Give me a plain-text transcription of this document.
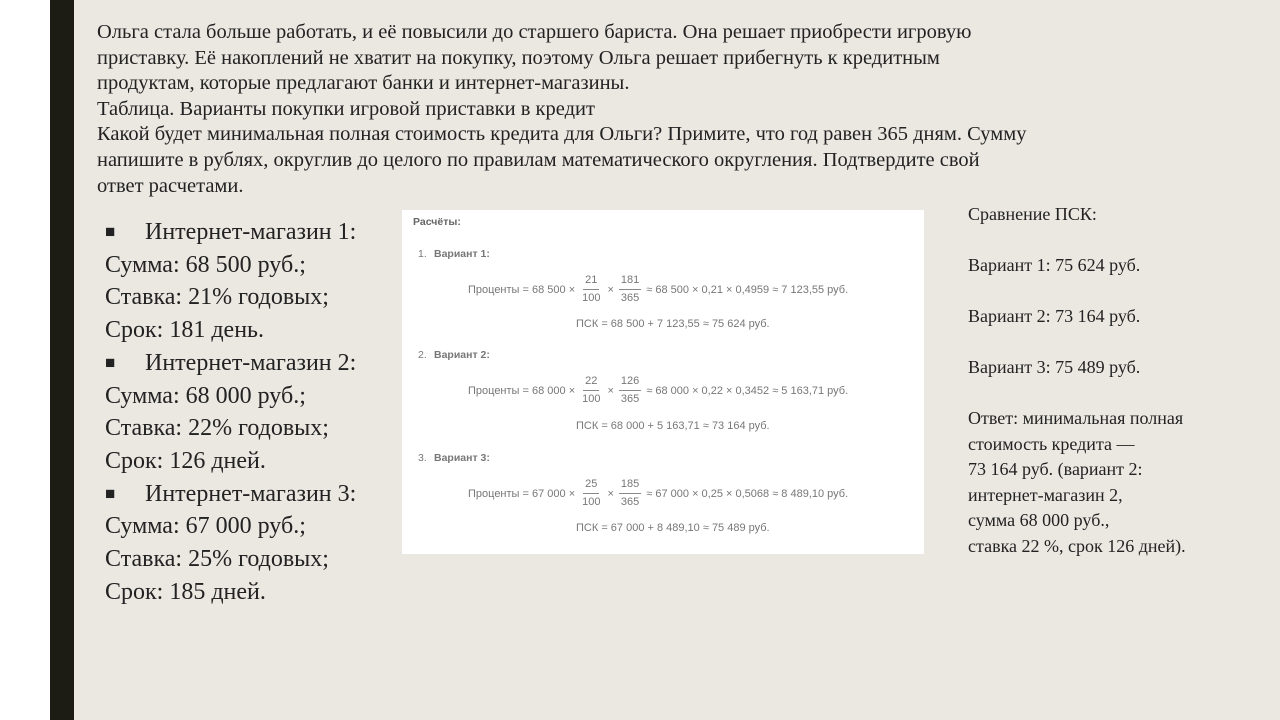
Ольга стала больше работать, и её повысили до старшего бариста. Она решает приобрести игровую
приставку. Её накоплений не хватит на покупку, поэтому Ольга решает прибегнуть к кредитным
продуктам, которые предлагают банки и интернет-магазины.

Таблица. Варианты покупки игровой приставки в кредит

Какой будет минимальная полная стоимость кредита для Ольги? Примите, что год равен 365 дням. Сумму
напишите в рублях, округлив до целого по правилам математического округления. Подтвердите свой
ответ расчетами.

■ Интернет-магазин 1:
Сумма: 68 500 руб.;
Ставка: 21% годовых;
Срок: 181 день.
■ Интернет-магазин 2:
Сумма: 68 000 руб.;
Ставка: 22% годовых;
Срок: 126 дней.
■ Интернет-магазин 3:
Сумма: 67 000 руб.;
Ставка: 25% годовых;
Срок: 185 дней.
Расчёты:
1. Вариант 1:
Проценты = 68 $500 \times \frac{21}{100} \times \frac{181}{365} \approx 68$ 500 × 0,21 × 0,4959 ≈ 7 123,55 руб.
ПСК = 68 500 + 7 123,55 ≈ 75 624 руб.
2. Вариант 2:
Проценты = 68 $000 \times \frac{22}{100} \times \frac{126}{365} \approx 68$ 000 × 0,22 × 0,3452 ≈ 5 163,71 руб.
ПСК = 68 000 + 5 163,71 ≈ 73 164 руб.
3. Вариант 3:
Проценты = 67 $000 \times \frac{25}{100} \times \frac{185}{365} \approx 67$ 000 × 0,25 × 0,5068 ≈ 8 489,10 руб.
ПСК = 67 000 + 8 489,10 ≈ 75 489 руб.
Сравнение ПСК:
Вариант 1: 75 624 руб.
Вариант 2: 73 164 руб.
Вариант 3: 75 489 руб.
Ответ: минимальная полная
стоимость кредита —
73 164 руб. (вариант 2:
интернет-магазин 2,
сумма 68 000 руб.,
ставка 22 %, срок 126 дней).
